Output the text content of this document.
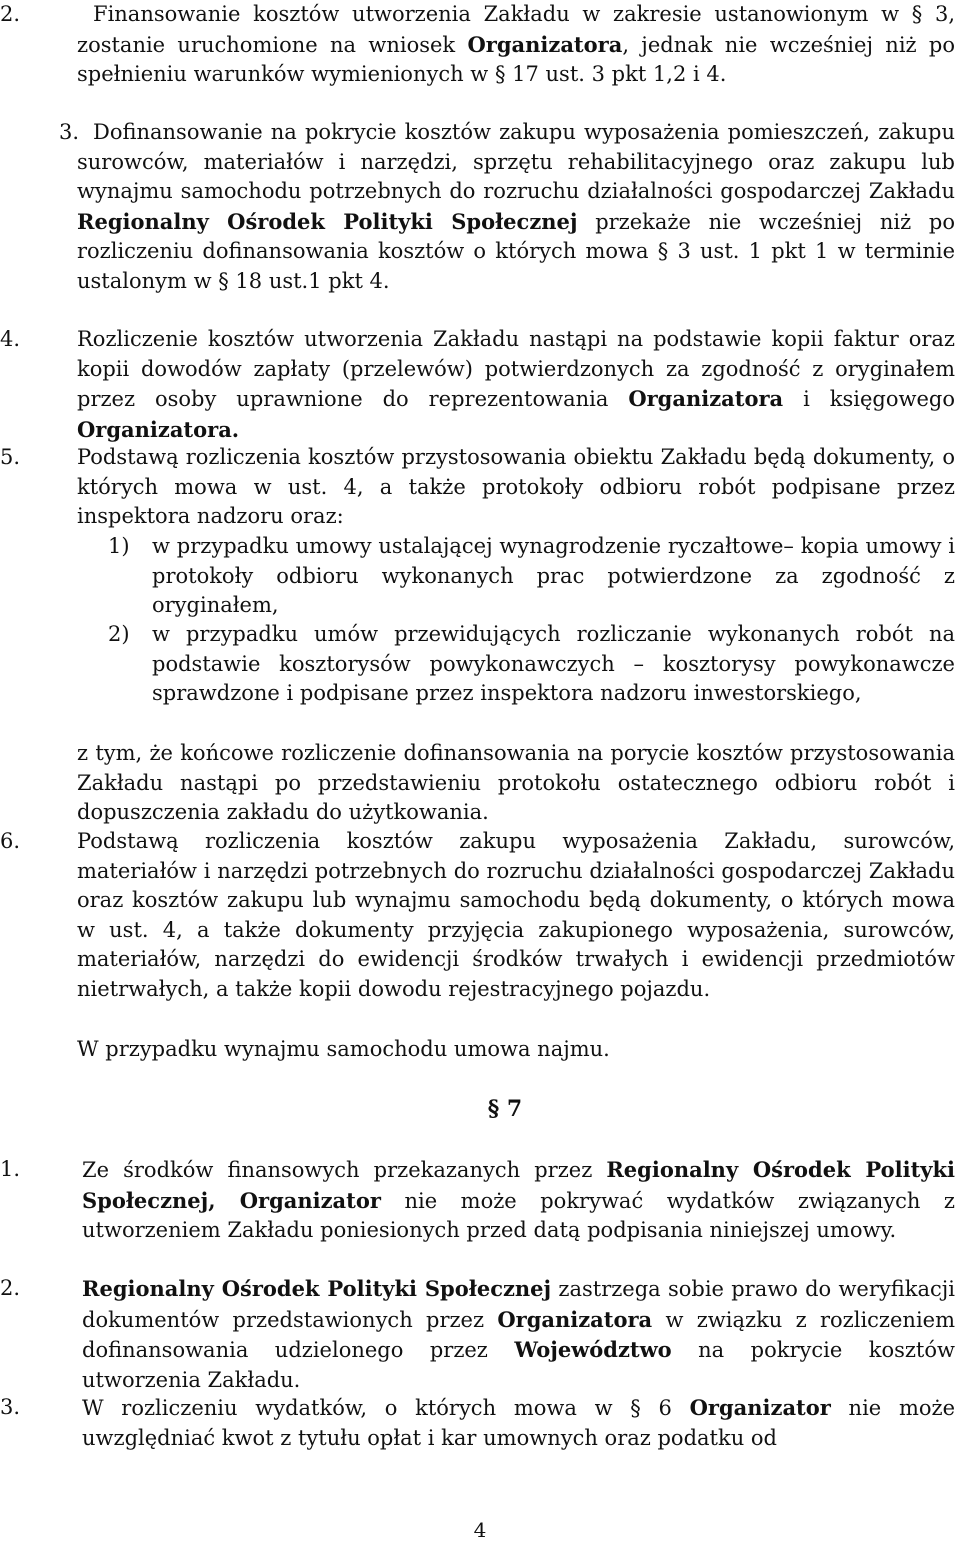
2.	Finansowanie kosztów utworzenia Zakładu w zakresie ustanowionym w § 3, zostanie uruchomione na wniosek Organizatora, jednak nie wcześniej niż po spełnieniu warunków wymienionych w § 17 ust. 3 pkt 1,2 i 4.
3. Dofinansowanie na pokrycie kosztów zakupu wyposażenia pomieszczeń, zakupu surowców, materiałów i narzędzi, sprzętu rehabilitacyjnego oraz zakupu lub wynajmu samochodu potrzebnych do rozruchu działalności gospodarczej Zakładu Regionalny Ośrodek Polityki Społecznej przekaże nie wcześniej niż po rozliczeniu dofinansowania kosztów o których mowa § 3 ust. 1 pkt 1 w terminie ustalonym w § 18 ust.1 pkt 4.
4.	Rozliczenie kosztów utworzenia Zakładu nastąpi na podstawie kopii faktur oraz kopii dowodów zapłaty (przelewów) potwierdzonych za zgodność z oryginałem przez osoby uprawnione do reprezentowania Organizatora i księgowego Organizatora.
5.	Podstawą rozliczenia kosztów przystosowania obiektu Zakładu będą dokumenty, o których mowa w ust. 4, a także protokoły odbioru robót podpisane przez inspektora nadzoru oraz:
1) w przypadku umowy ustalającej wynagrodzenie ryczałtowe– kopia umowy i protokoły odbioru wykonanych prac potwierdzone za zgodność z oryginałem,
2) w przypadku umów przewidujących rozliczanie wykonanych robót na podstawie kosztorysów powykonawczych – kosztorysy powykonawcze sprawdzone i podpisane przez inspektora nadzoru inwestorskiego,
z tym, że końcowe rozliczenie dofinansowania na porycie kosztów przystosowania Zakładu nastąpi po przedstawieniu protokołu ostatecznego odbioru robót i dopuszczenia zakładu do użytkowania.
6.	Podstawą rozliczenia kosztów zakupu wyposażenia Zakładu, surowców, materiałów i narzędzi potrzebnych do rozruchu działalności gospodarczej Zakładu oraz kosztów zakupu lub wynajmu samochodu będą dokumenty, o których mowa w ust. 4, a także dokumenty przyjęcia zakupionego wyposażenia, surowców, materiałów, narzędzi do ewidencji środków trwałych i ewidencji przedmiotów nietrwałych, a także kopii dowodu rejestracyjnego pojazdu.
W przypadku wynajmu samochodu umowa najmu.
§ 7
1.	Ze środków finansowych przekazanych przez Regionalny Ośrodek Polityki Społecznej, Organizator nie może pokrywać wydatków związanych z utworzeniem Zakładu poniesionych przed datą podpisania niniejszej umowy.
2.	Regionalny Ośrodek Polityki Społecznej zastrzega sobie prawo do weryfikacji dokumentów przedstawionych przez Organizatora w związku z rozliczeniem dofinansowania udzielonego przez Województwo na pokrycie kosztów utworzenia Zakładu.
3.	W rozliczeniu wydatków, o których mowa w § 6 Organizator nie może uwzględniać kwot z tytułu opłat i kar umownych oraz podatku od
4
